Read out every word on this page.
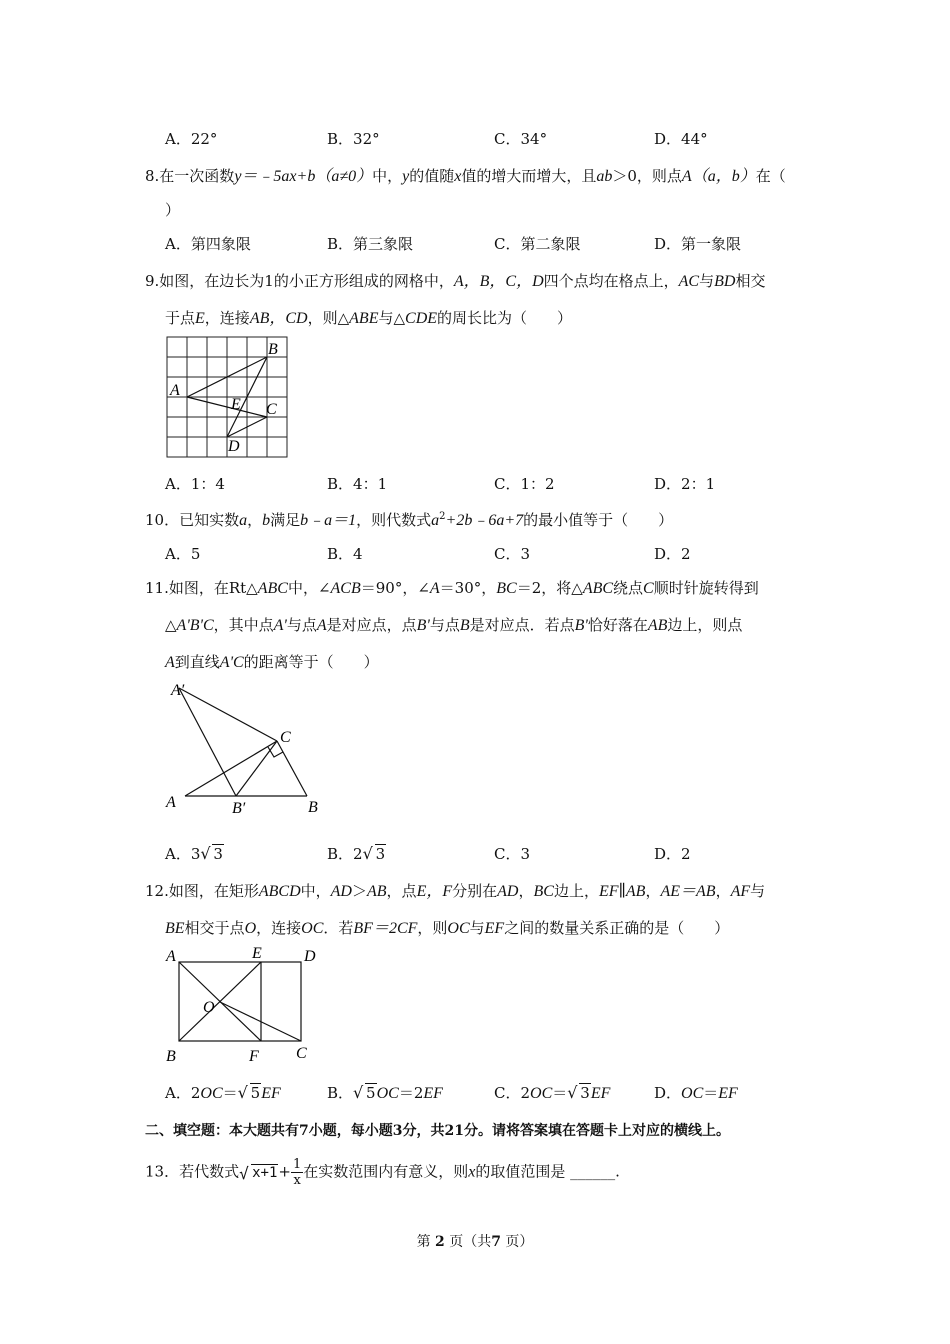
A．22°	B．32°	C．34°	D．44°
8.在一次函数y＝﹣5ax+b（a≠0）中，y的值随x值的增大而增大，且ab＞0，则点A（a，b）在（
）
A．第四象限	B．第三象限	C．第二象限	D．第一象限
9.如图，在边长为1的小正方形组成的网格中，A，B，C，D四个点均在格点上，AC与BD相交
于点E，连接AB，CD，则△ABE与△CDE的周长比为（　　）
A
B
C
D
E
A．1：4	B．4：1	C．1：2	D．2：1
10．已知实数a，b满足b﹣a＝1，则代数式$a^2+2b﹣6a+7$的最小值等于（　　）
A．5	B．4	C．3	D．2
11.如图，在Rt△ABC中，∠ACB＝90°，∠A＝30°，BC＝2，将△ABC绕点C顺时针旋转得到
△A'B'C，其中点A'与点A是对应点，点B'与点B是对应点．若点B'恰好落在AB边上，则点
A到直线A'C的距离等于（　　）
A′
C
A	B′	B
A．3 √ 3	B．2 √ 3	C．3	D．2
12.如图，在矩形ABCD中，AD＞AB，点E，F分别在AD，BC边上，EF∥AB，AE＝AB，AF与
BE相交于点O，连接OC．若BF＝2CF，则OC与EF之间的数量关系正确的是（　　）
A	E	D
O
B	F C
A．2OC＝ √ 5EF	B． √ 5OC＝2EF	C．2OC＝ √ 3EF	D．OC＝EF
二、填空题：本大题共有7小题，每小题3分，共21分。请将答案填在答题卡上对应的横线上。
13．若代数式 √ $x+1+ \frac{1}{x}$ 在实数范围内有意义，则x的取值范围是 ______.
第 2 页（共7 页）
